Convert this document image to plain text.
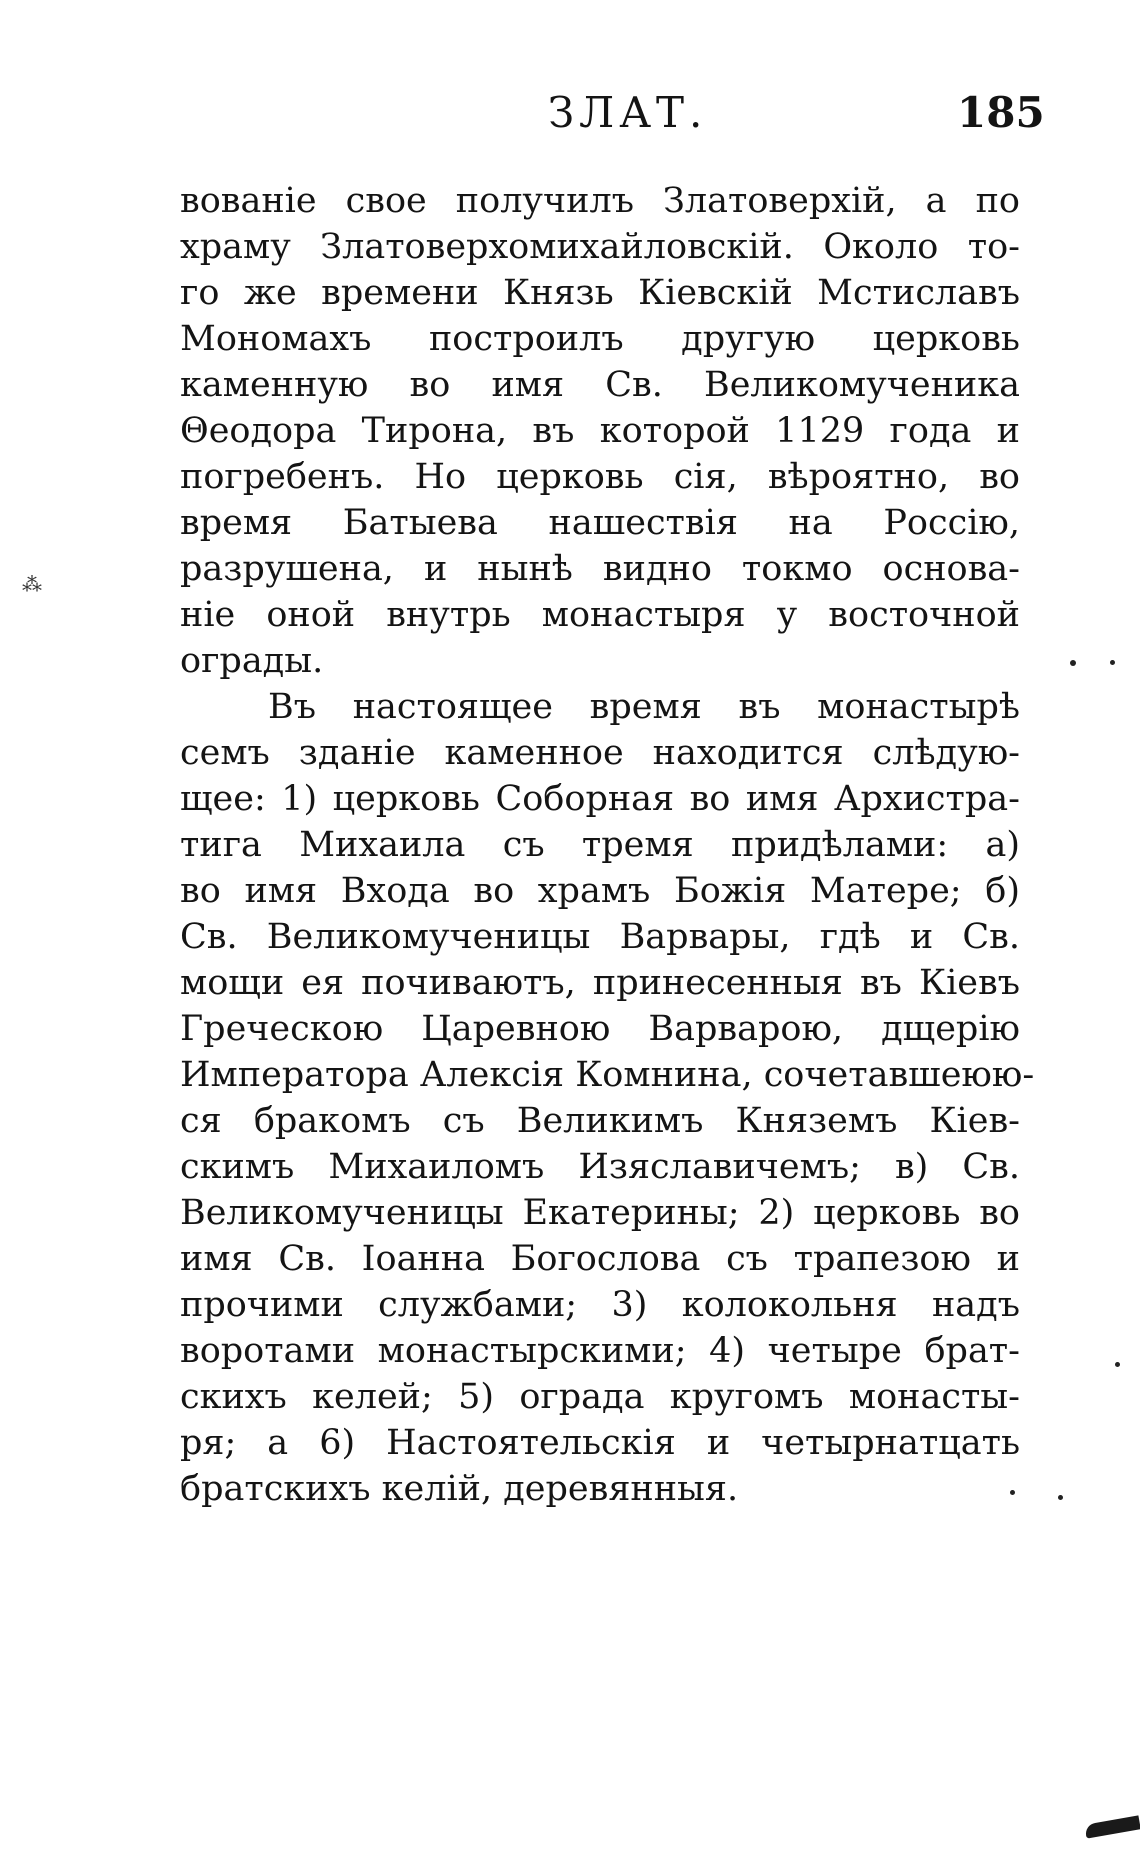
ЗЛАТ.	185
⁂
вованіе свое получилъ Златоверхій, а по
храму Златоверхомихайловскій. Около то-
го же времени Князь Кіевскій Мстиславъ
Мономахъ построилъ другую церковь
каменную во имя Св. Великомученика
Θеодора Тирона, въ которой 1129 года и
погребенъ. Но церковь сія, вѣроятно, во
время Батыева нашествія на Россію,
разрушена, и нынѣ видно токмо основа-
ніе оной внутрь монастыря у восточной
ограды.
Въ настоящее время въ монастырѣ
семъ зданіе каменное находится слѣдую-
щее: 1) церковь Соборная во имя Архистра-
тига Михаила съ тремя придѣлами: а)
во имя Входа во храмъ Божія Матере; б)
Св. Великомученицы Варвары, гдѣ и Св.
мощи ея почиваютъ, принесенныя въ Кіевъ
Греческою Царевною Варварою, дщерію
Императора Алексія Комнина, сочетавшеюю-
ся бракомъ съ Великимъ Княземъ Кіев-
скимъ Михаиломъ Изяславичемъ; в) Св.
Великомученицы Екатерины; 2) церковь во
имя Св. Іоанна Богослова съ трапезою и
прочими службами; 3) колокольня надъ
воротами монастырскими; 4) четыре брат-
скихъ келей; 5) ограда кругомъ монасты-
ря; а 6) Настоятельскія и четырнатцать
братскихъ келій, деревянныя.
